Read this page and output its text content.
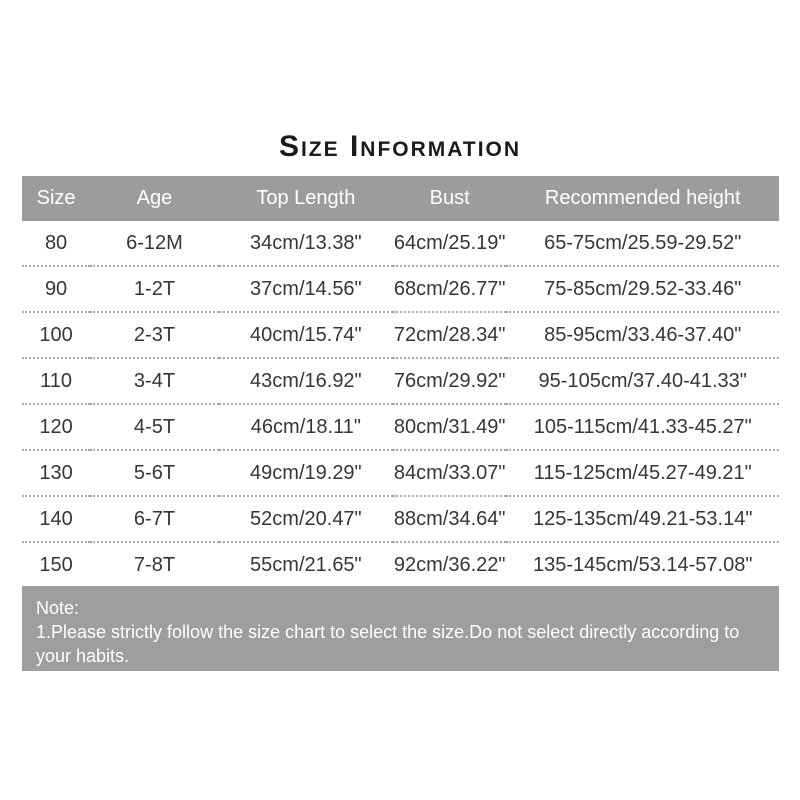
Size Information
Size	Age	Top Length	Bust	Recommended height
80	6-12M	34cm/13.38"	64cm/25.19"	65-75cm/25.59-29.52"
90	1-2T	37cm/14.56"	68cm/26.77"	75-85cm/29.52-33.46"
100	2-3T	40cm/15.74"	72cm/28.34"	85-95cm/33.46-37.40"
110	3-4T	43cm/16.92"	76cm/29.92"	95-105cm/37.40-41.33"
120	4-5T	46cm/18.11"	80cm/31.49"	105-115cm/41.33-45.27"
130	5-6T	49cm/19.29"	84cm/33.07"	115-125cm/45.27-49.21"
140	6-7T	52cm/20.47"	88cm/34.64"	125-135cm/49.21-53.14"
150	7-8T	55cm/21.65"	92cm/36.22"	135-145cm/53.14-57.08"
Note:
1.Please strictly follow the size chart to select the size.Do not select directly according to your habits.
2.The size may have 1-3cm differs due to manual measurement.
